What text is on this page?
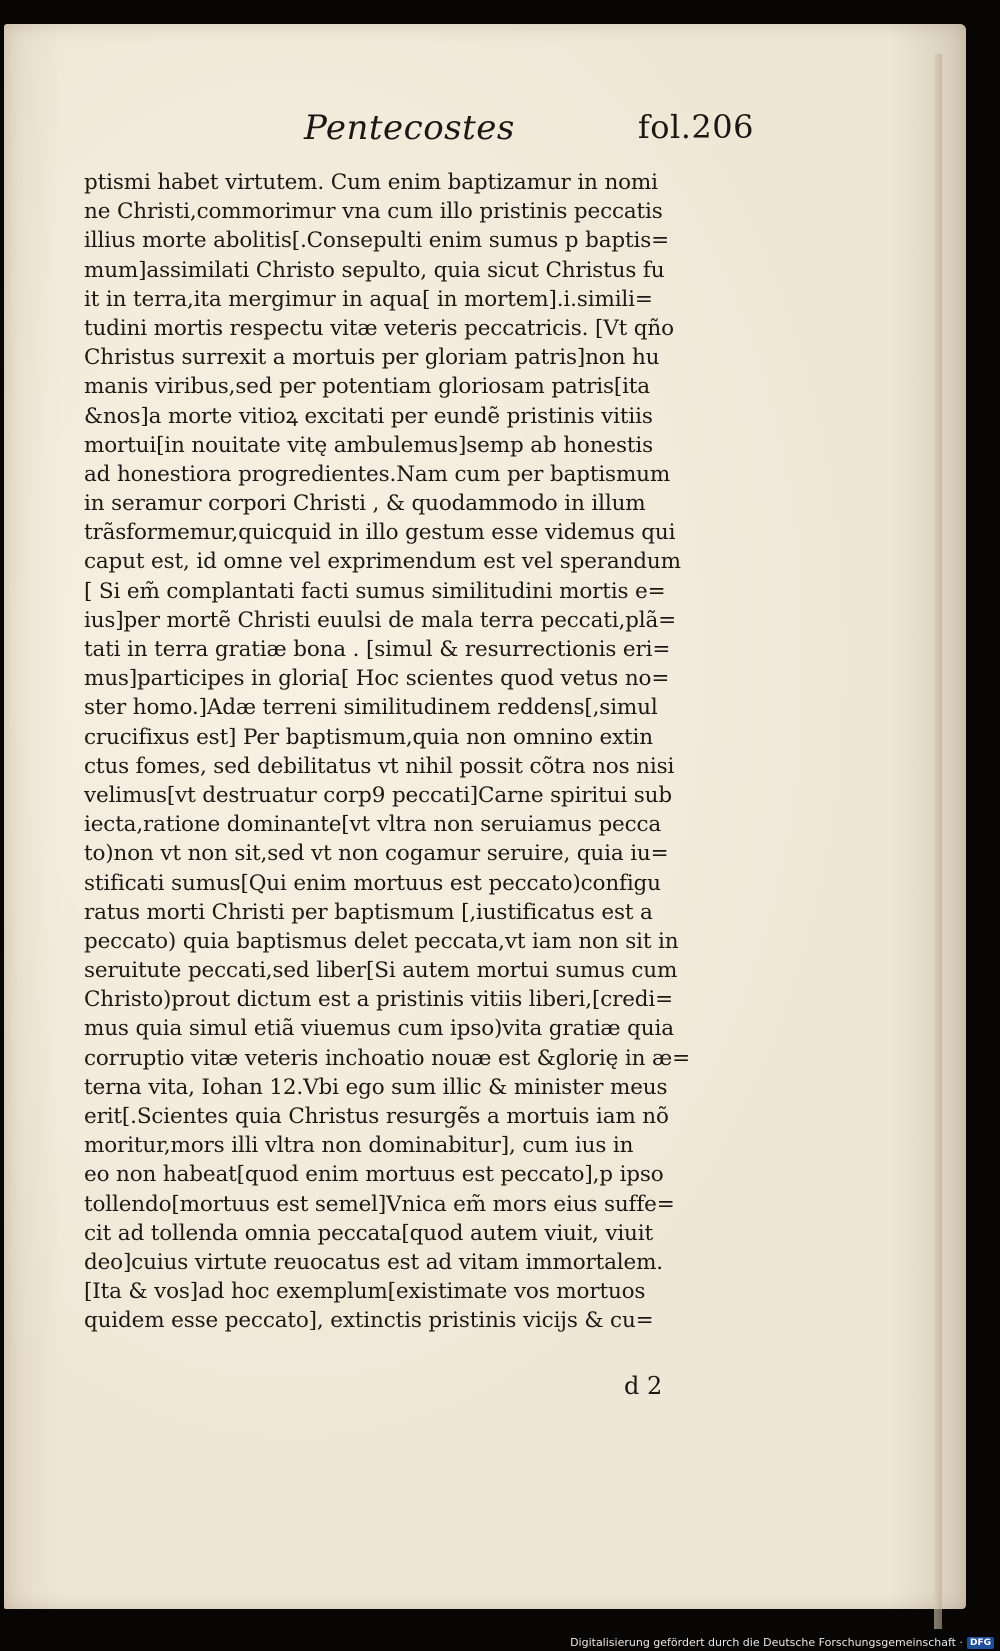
Pentecostes	fol.206
ptismi habet virtutem. Cum enim baptizamur in nomi
ne Christi,commorimur vna cum illo pristinis peccatis
illius morte abolitis[.Consepulti enim sumus p baptis=
mum]assimilati Christo sepulto, quia sicut Christus fu
it in terra,ita mergimur in aqua[ in mortem].i.simili=
tudini mortis respectu vitæ veteris peccatricis. [Vt qño
Christus surrexit a mortuis per gloriam patris]non hu
manis viribus,sed per potentiam gloriosam patris[ita
&nos]a morte vitioꝝ excitati per eundẽ pristinis vitiis
mortui[in nouitate vitę ambulemus]semp ab honestis
ad honestiora progredientes.Nam cum per baptismum
in seramur corpori Christi , & quodammodo in illum
trãsformemur,quicquid in illo gestum esse videmus qui
caput est, id omne vel exprimendum est vel sperandum
[ Si em̃ complantati facti sumus similitudini mortis e=
ius]per mortẽ Christi euulsi de mala terra peccati,plã=
tati in terra gratiæ bona . [simul & resurrectionis eri=
mus]participes in gloria[ Hoc scientes quod vetus no=
ster homo.]Adæ terreni similitudinem reddens[,simul
crucifixus est] Per baptismum,quia non omnino extin
ctus fomes, sed debilitatus vt nihil possit cõtra nos nisi
velimus[vt destruatur corp9 peccati]Carne spiritui sub
iecta,ratione dominante[vt vltra non seruiamus pecca
to)non vt non sit,sed vt non cogamur seruire, quia iu=
stificati sumus[Qui enim mortuus est peccato)configu
ratus morti Christi per baptismum [,iustificatus est a
peccato) quia baptismus delet peccata,vt iam non sit in
seruitute peccati,sed liber[Si autem mortui sumus cum
Christo)prout dictum est a pristinis vitiis liberi,[credi=
mus quia simul etiã viuemus cum ipso)vita gratiæ quia
corruptio vitæ veteris inchoatio nouæ est &glorię in æ=
terna vita, Iohan 12.Vbi ego sum illic & minister meus
erit[.Scientes quia Christus resurgẽs a mortuis iam nõ
moritur,mors illi vltra non dominabitur], cum ius in
eo non habeat[quod enim mortuus est peccato],p ipso
tollendo[mortuus est semel]Vnica em̃ mors eius suffe=
cit ad tollenda omnia peccata[quod autem viuit, viuit
deo]cuius virtute reuocatus est ad vitam immortalem.
[Ita & vos]ad hoc exemplum[existimate vos mortuos
quidem esse peccato], extinctis pristinis vicijs & cu=
d 2
Digitalisierung gefördert durch die Deutsche Forschungsgemeinschaft · DFG
